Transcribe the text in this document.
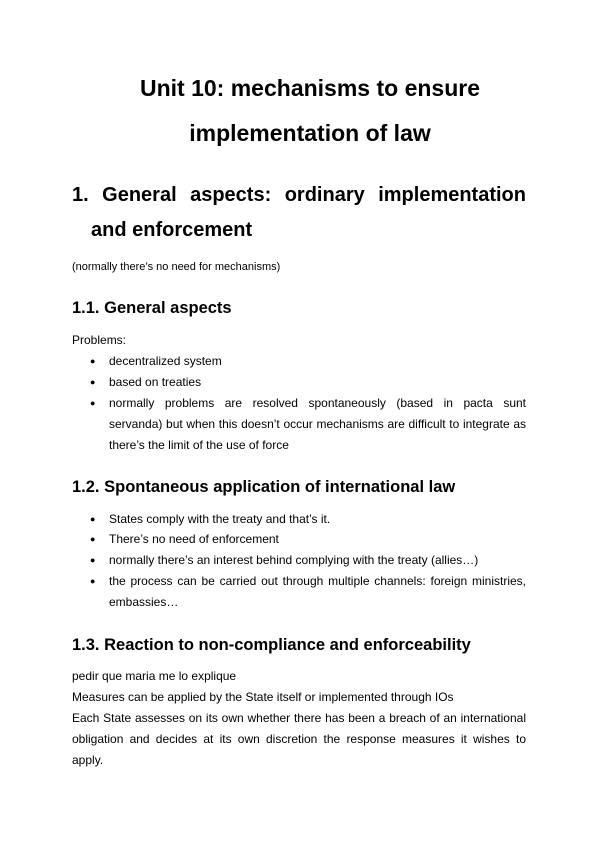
Unit 10: mechanisms to ensure
implementation of law
1. General aspects: ordinary implementation
and enforcement
(normally there’s no need for mechanisms)
1.1. General aspects
Problems:
● decentralized system
● based on treaties
● normally problems are resolved spontaneously (based in pacta sunt
servanda) but when this doesn’t occur mechanisms are difficult to integrate as
there’s the limit of the use of force
1.2. Spontaneous application of international law
● States comply with the treaty and that’s it.
● There’s no need of enforcement
● normally there’s an interest behind complying with the treaty (allies…)
● the process can be carried out through multiple channels: foreign ministries,
embassies…
1.3. Reaction to non-compliance and enforceability
pedir que maria me lo explique
Measures can be applied by the State itself or implemented through IOs
Each State assesses on its own whether there has been a breach of an international
obligation and decides at its own discretion the response measures it wishes to
apply.
